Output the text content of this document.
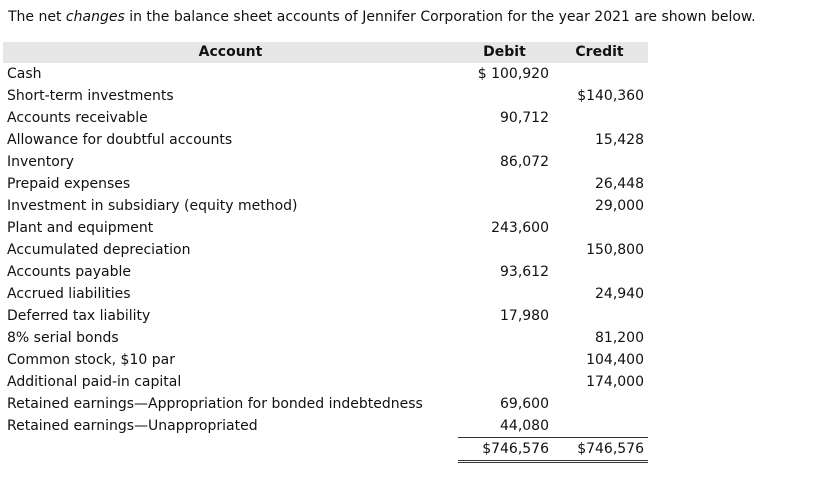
The net changes in the balance sheet accounts of Jennifer Corporation for the year 2021 are shown below.

Account	Debit	Credit
Cash	$ 100,920	
Short-term investments		$140,360
Accounts receivable	90,712	
Allowance for doubtful accounts		15,428
Inventory	86,072	
Prepaid expenses		26,448
Investment in subsidiary (equity method)		29,000
Plant and equipment	243,600	
Accumulated depreciation		150,800
Accounts payable	93,612	
Accrued liabilities		24,940
Deferred tax liability	17,980	
8% serial bonds		81,200
Common stock, $10 par		104,400
Additional paid-in capital		174,000
Retained earnings—Appropriation for bonded indebtedness	69,600	
Retained earnings—Unappropriated	44,080	
	$746,576	$746,576
